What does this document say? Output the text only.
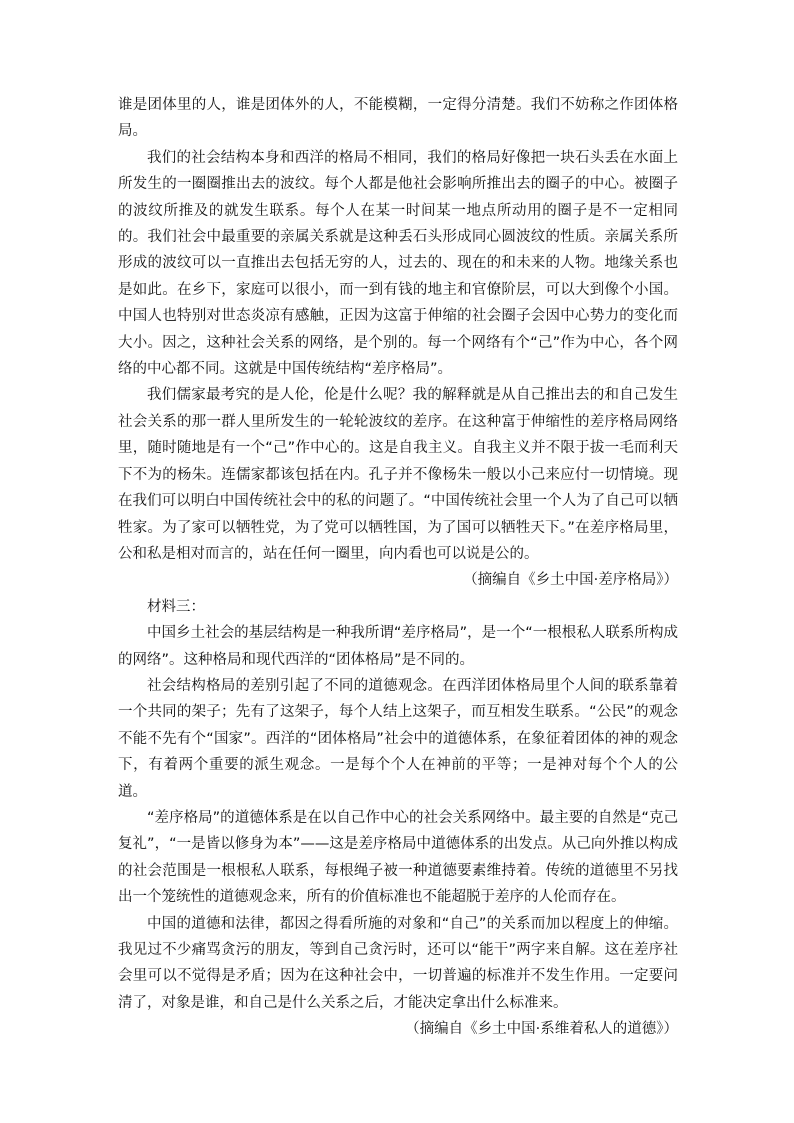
谁是团体里的人，谁是团体外的人，不能模糊，一定得分清楚。我们不妨称之作团体格局。

我们的社会结构本身和西洋的格局不相同，我们的格局好像把一块石头丢在水面上所发生的一圈圈推出去的波纹。每个人都是他社会影响所推出去的圈子的中心。被圈子的波纹所推及的就发生联系。每个人在某一时间某一地点所动用的圈子是不一定相同的。我们社会中最重要的亲属关系就是这种丢石头形成同心圆波纹的性质。亲属关系所形成的波纹可以一直推出去包括无穷的人，过去的、现在的和未来的人物。地缘关系也是如此。在乡下，家庭可以很小，而一到有钱的地主和官僚阶层，可以大到像个小国。中国人也特别对世态炎凉有感触，正因为这富于伸缩的社会圈子会因中心势力的变化而大小。因之，这种社会关系的网络，是个别的。每一个网络有个“己”作为中心，各个网络的中心都不同。这就是中国传统结构“差序格局”。

我们儒家最考究的是人伦，伦是什么呢？我的解释就是从自己推出去的和自己发生社会关系的那一群人里所发生的一轮轮波纹的差序。在这种富于伸缩性的差序格局网络里，随时随地是有一个“己”作中心的。这是自我主义。自我主义并不限于拔一毛而利天下不为的杨朱。连儒家都该包括在内。孔子并不像杨朱一般以小己来应付一切情境。现在我们可以明白中国传统社会中的私的问题了。“中国传统社会里一个人为了自己可以牺牲家。为了家可以牺牲党，为了党可以牺牲国，为了国可以牺牲天下。”在差序格局里，公和私是相对而言的，站在任何一圈里，向内看也可以说是公的。

（摘编自《乡土中国·差序格局》）

材料三：

中国乡土社会的基层结构是一种我所谓“差序格局”，是一个“一根根私人联系所构成的网络”。这种格局和现代西洋的“团体格局”是不同的。

社会结构格局的差别引起了不同的道德观念。在西洋团体格局里个人间的联系靠着一个共同的架子；先有了这架子，每个人结上这架子，而互相发生联系。“公民”的观念不能不先有个“国家”。西洋的“团体格局”社会中的道德体系，在象征着团体的神的观念下，有着两个重要的派生观念。一是每个个人在神前的平等；一是神对每个个人的公道。

“差序格局”的道德体系是在以自己作中心的社会关系网络中。最主要的自然是“克己复礼”，“一是皆以修身为本”——这是差序格局中道德体系的出发点。从己向外推以构成的社会范围是一根根私人联系，每根绳子被一种道德要素维持着。传统的道德里不另找出一个笼统性的道德观念来，所有的价值标准也不能超脱于差序的人伦而存在。

中国的道德和法律，都因之得看所施的对象和“自己”的关系而加以程度上的伸缩。我见过不少痛骂贪污的朋友，等到自己贪污时，还可以“能干”两字来自解。这在差序社会里可以不觉得是矛盾；因为在这种社会中，一切普遍的标准并不发生作用。一定要问清了，对象是谁，和自己是什么关系之后，才能决定拿出什么标准来。

（摘编自《乡土中国·系维着私人的道德》）
